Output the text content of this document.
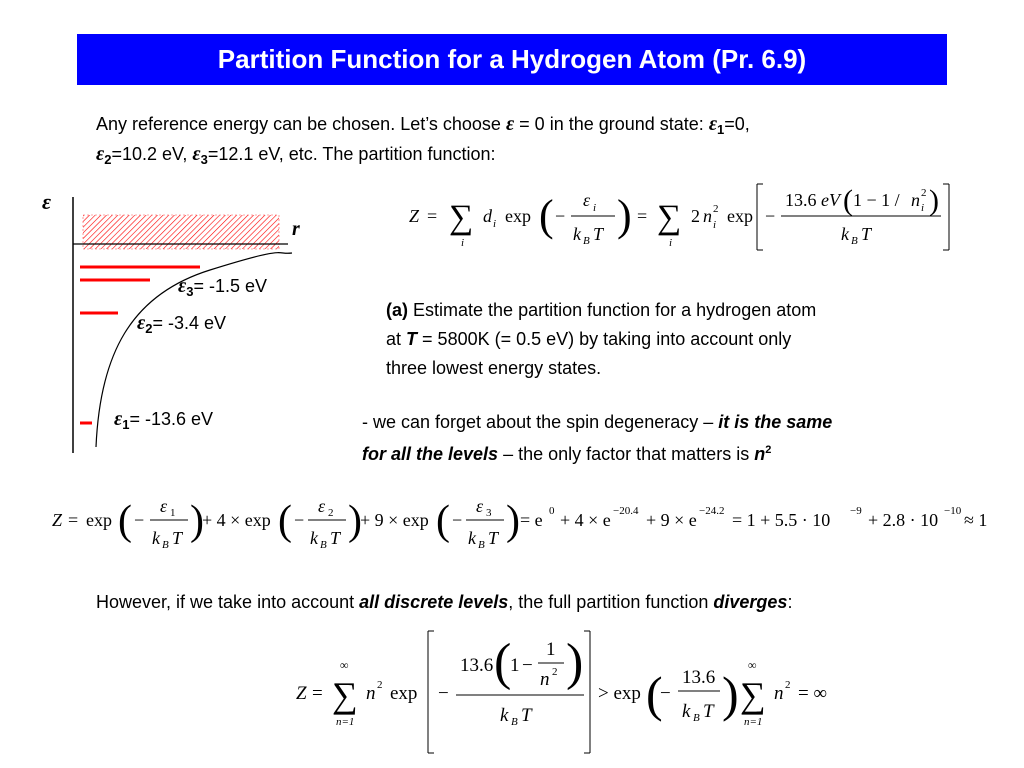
Partition Function for a Hydrogen Atom (Pr. 6.9)
Any reference energy can be chosen. Let’s choose ε = 0 in the ground state: $\varepsilon_1=0$,
$\varepsilon_2=10.2$ eV, $\varepsilon_3=12.1$ eV, etc. The partition function:
ε
r
$\varepsilon_3= -1.5$ eV
$\varepsilon_2= -3.4$ eV
$\varepsilon_1= -13.6$ eV
Z = ∑
i
d i exp ( −
ε i
k B T ) = ∑
i
2 n 2
i exp −
13.6 eV ( 1 − 1 / n 2
i )
k B T
(a) Estimate the partition function for a hydrogen atom
at T = 5800K (= 0.5 eV) by taking into account only
three lowest energy states.
- we can forget about the spin degeneracy – it is the same
for all the levels – the only factor that matters is $n^2$
Z = exp ( −
ε 1
k B T )
+ 4 × exp ( −
ε 2
k B T )
+ 9 × exp ( −
ε 3
k B T ) = e 0 + 4 × e −20.4 + 9 × e −24.2 = 1 + 5.5 · 10 −9 + 2.8 · 10 −10 ≈ 1
However, if we take into account all discrete levels, the full partition function diverges:
Z =
∞
∑
n=1
n 2 exp −
13.6 (
1 −
1
n 2 )
k B T
> exp (
−
13.6
k B T )
∞
∑
n=1
n 2 = ∞
